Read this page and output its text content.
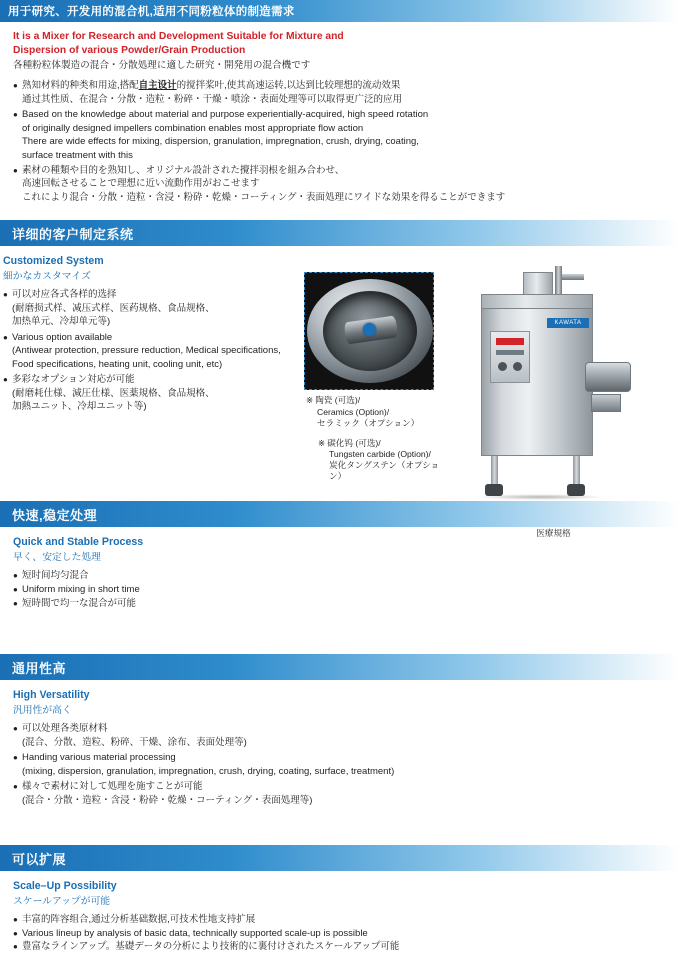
用于研究、开发用的混合机,适用不同粉粒体的制造需求
It is a Mixer for Research and Development Suitable for Mixture and
Dispersion of various Powder/Grain Production
各種粉粒体製造の混合・分散処理に適した研究・開発用の混合機です
● 熟知材料的种类和用途,搭配自主设计的搅拌桨叶,使其高速运转,以达到比较理想的流动效果
通过其性质、在混合・分散・造粒・粉碎・干燥・喷涂・表面处理等可以取得更广泛的应用
● Based on the knowledge about material and purpose experientially-acquired, high speed rotation
of originally designed impellers combination enables most appropriate flow action
There are wide effects for mixing, dispersion, granulation, impregnation, crush, drying, coating,
surface treatment with this
● 素材の種類や目的を熟知し、オリジナル設計された攪拌羽根を組み合わせ、
高速回転させることで理想に近い流動作用がおこせます
これにより混合・分散・造粒・含浸・粉砕・乾燥・コーティング・表面処理にワイドな効果を得ることができます
详细的客户制定系统
Customized System
細かなカスタマイズ
● 可以对应各式各样的选择
(耐磨损式样、减压式样、医药规格、食品规格、
加热单元、冷却单元等)
● Various option available
(Antiwear protection, pressure reduction, Medical specifications,
Food specifications, heating unit, cooling unit, etc)
● 多彩なオプション対応が可能
(耐磨耗仕様、減圧仕様、医薬規格、食品規格、
加熱ユニット、冷却ユニット等)
※ 陶瓷 (可选)/
Ceramics (Option)/
セラミック（オプション）
※ 碳化钨 (可选)/
Tungsten carbide (Option)/
炭化タングステン（オプション）
KAWATA
医療規格
快速,稳定处理
Quick and Stable Process
早く、安定した処理
● 短时间均匀混合
● Uniform mixing in short time
● 短時間で均一な混合が可能
通用性高
High Versatility
汎用性が高く
● 可以处理各类原材料
(混合、分散、造粒、粉碎、干燥、涂布、表面处理等)
● Handing various material processing
(mixing, dispersion, granulation, impregnation, crush, drying, coating, surface, treatment)
● 様々で素材に対して処理を施すことが可能
(混合・分散・造粒・含浸・粉砕・乾燥・コーティング・表面処理等)
可以扩展
Scale–Up Possibility
スケールアップが可能
● 丰富的阵容组合,通过分析基础数据,可技术性地支持扩展
● Various lineup by analysis of basic data, technically supported scale-up is possible
● 豊富なラインアップ。基礎データの分析により技術的に裏付けされたスケールアップ可能
